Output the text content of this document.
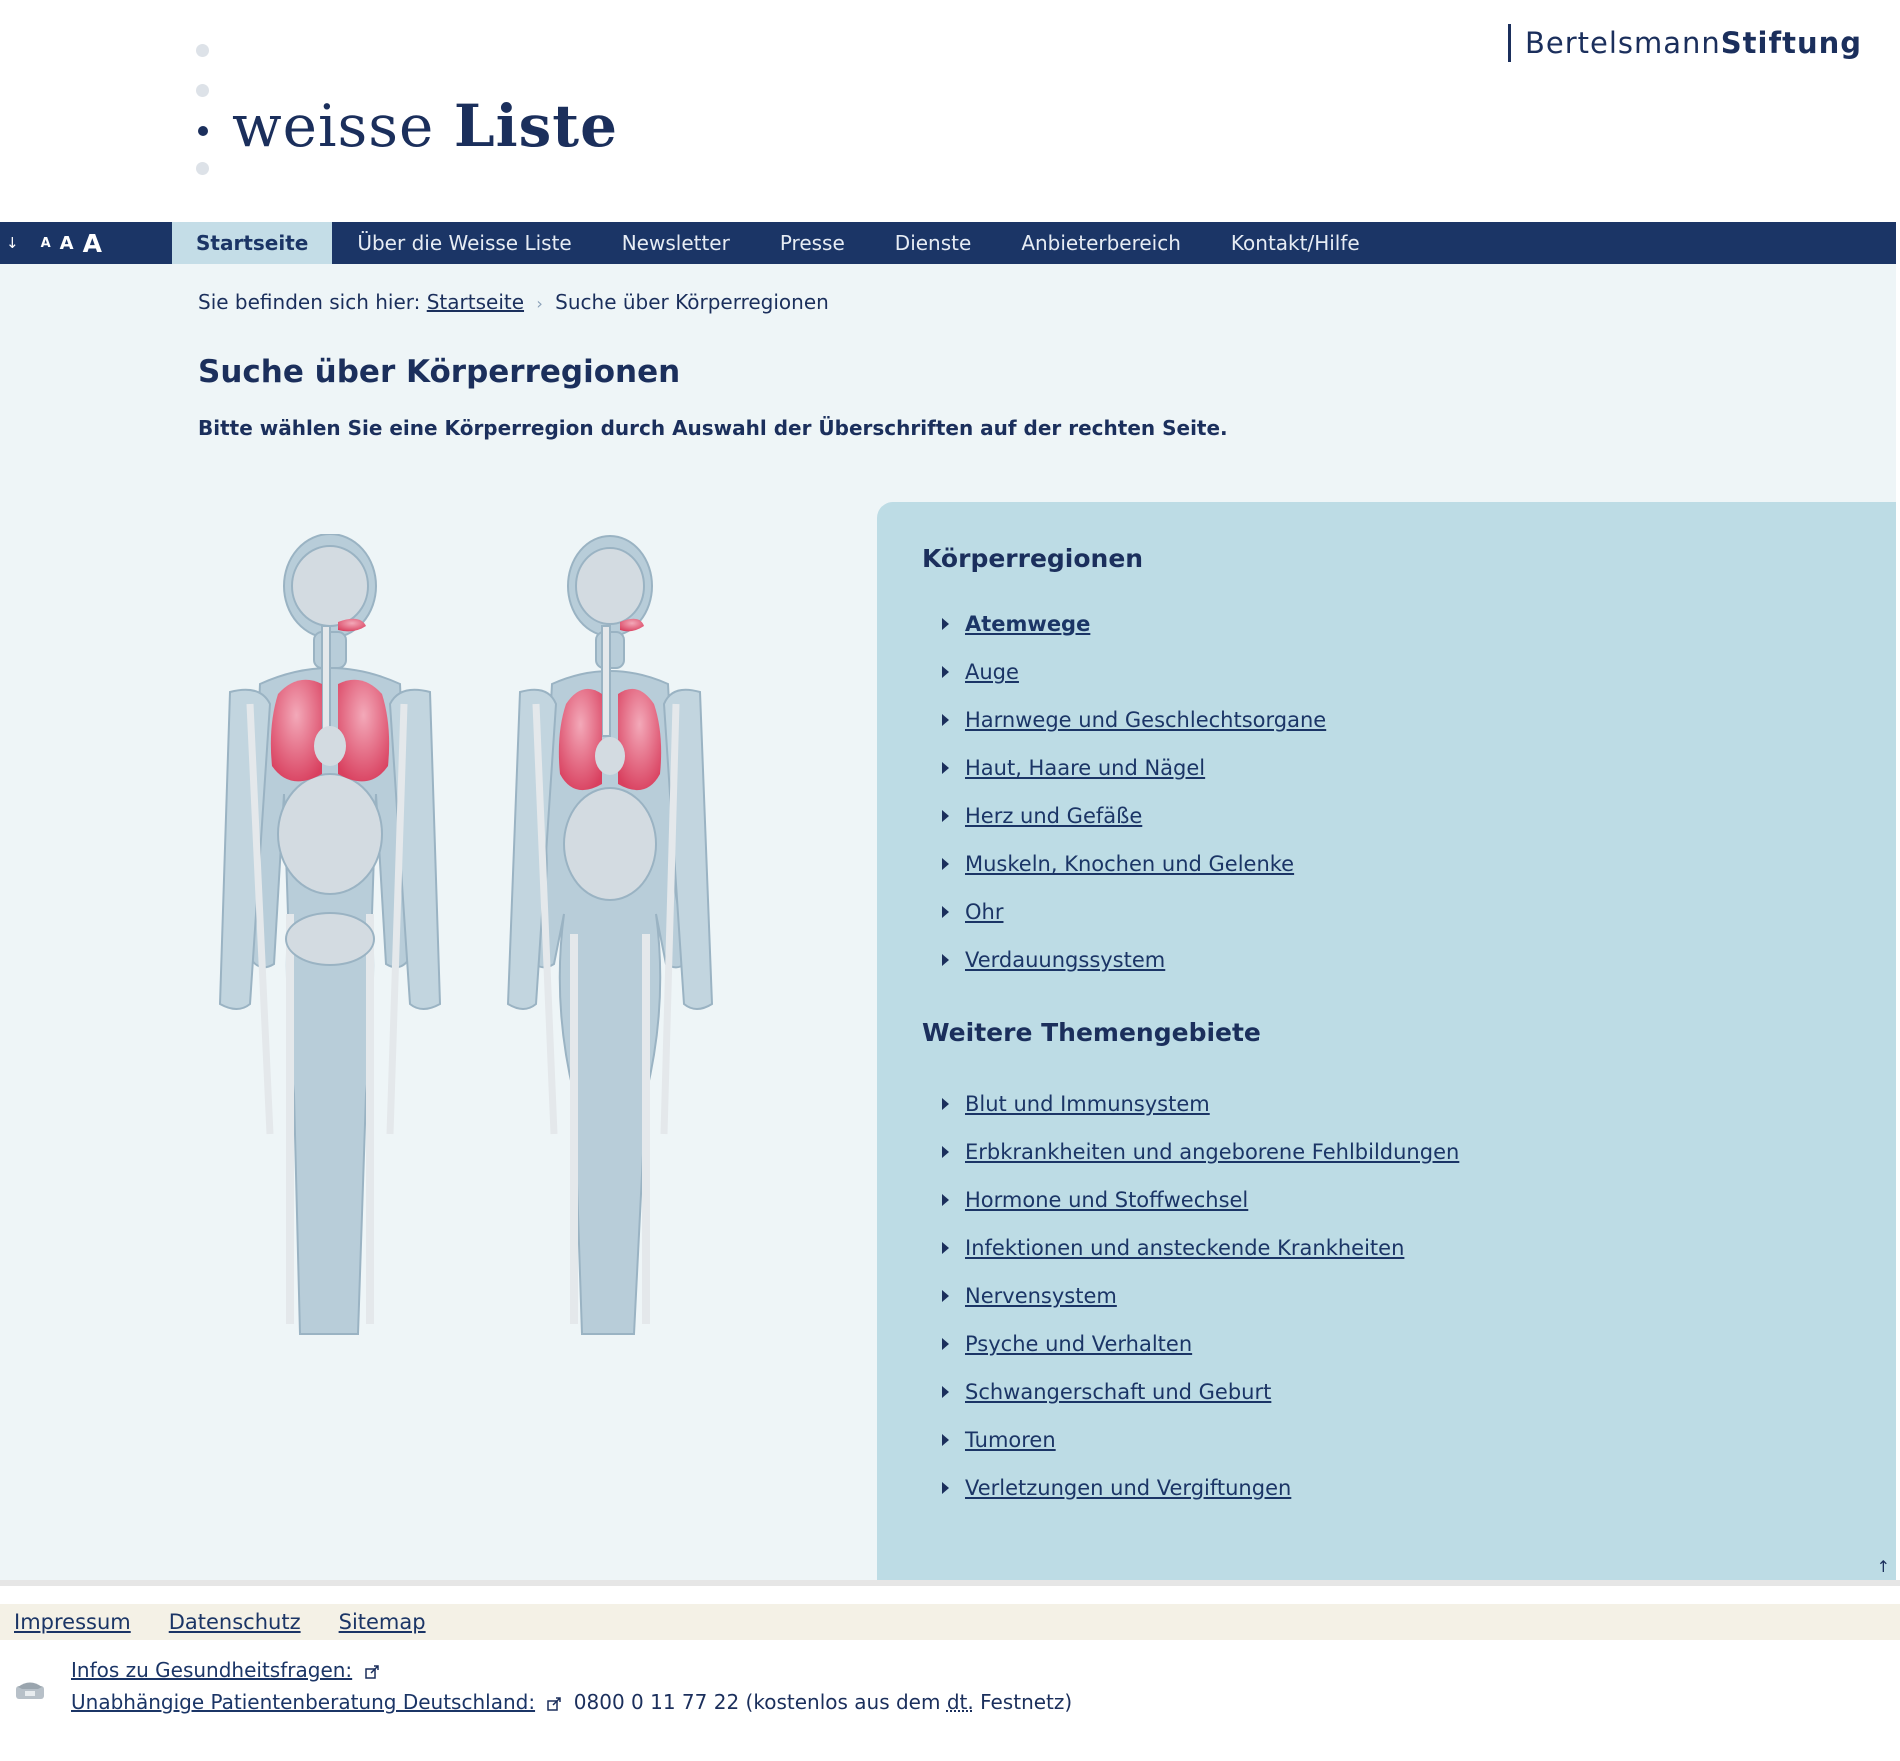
weisse Liste
Bertelsmann Stiftung
↓ A A A	Startseite	Über die Weisse Liste	Newsletter	Presse	Dienste	Anbieterbereich	Kontakt/Hilfe
Sie befinden sich hier: Startseite › Suche über Körperregionen
Suche über Körperregionen

Bitte wählen Sie eine Körperregion durch Auswahl der Überschriften auf der rechten Seite.

Körperregionen
Atemwege
Auge
Harnwege und Geschlechtsorgane
Haut, Haare und Nägel
Herz und Gefäße
Muskeln, Knochen und Gelenke
Ohr
Verdauungssystem
Weitere Themengebiete
Blut und Immunsystem
Erbkrankheiten und angeborene Fehlbildungen
Hormone und Stoffwechsel
Infektionen und ansteckende Krankheiten
Nervensystem
Psyche und Verhalten
Schwangerschaft und Geburt
Tumoren
Verletzungen und Vergiftungen
↑
Impressum Datenschutz Sitemap
Infos zu Gesundheitsfragen:
Unabhängige Patientenberatung Deutschland: 0800 0 11 77 22 (kostenlos aus dem dt. Festnetz)
